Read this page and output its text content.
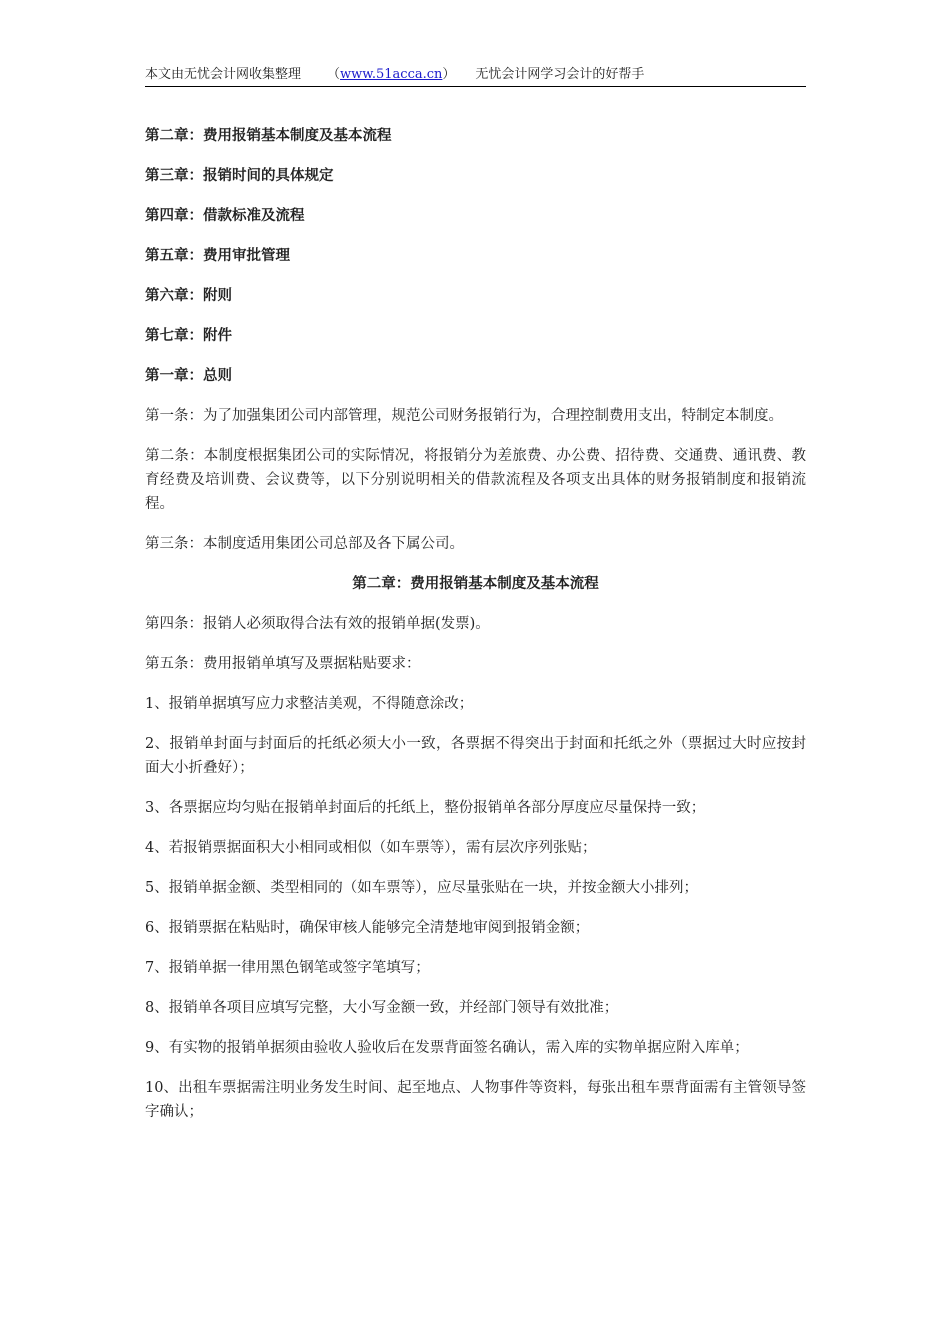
本文由无忧会计网收集整理 （www.51acca.cn） 无忧会计网学习会计的好帮手

第二章：费用报销基本制度及基本流程

第三章：报销时间的具体规定

第四章：借款标准及流程

第五章：费用审批管理

第六章：附则

第七章：附件

第一章：总则

第一条：为了加强集团公司内部管理，规范公司财务报销行为，合理控制费用支出，特制定本制度。

第二条：本制度根据集团公司的实际情况，将报销分为差旅费、办公费、招待费、交通费、通讯费、教育经费及培训费、会议费等，以下分别说明相关的借款流程及各项支出具体的财务报销制度和报销流程。

第三条：本制度适用集团公司总部及各下属公司。

第二章：费用报销基本制度及基本流程

第四条：报销人必须取得合法有效的报销单据(发票)。

第五条：费用报销单填写及票据粘贴要求：

1、报销单据填写应力求整洁美观，不得随意涂改；

2、报销单封面与封面后的托纸必须大小一致，各票据不得突出于封面和托纸之外（票据过大时应按封面大小折叠好）；

3、各票据应均匀贴在报销单封面后的托纸上，整份报销单各部分厚度应尽量保持一致；

4、若报销票据面积大小相同或相似（如车票等），需有层次序列张贴；

5、报销单据金额、类型相同的（如车票等），应尽量张贴在一块，并按金额大小排列；

6、报销票据在粘贴时，确保审核人能够完全清楚地审阅到报销金额；

7、报销单据一律用黑色钢笔或签字笔填写；

8、报销单各项目应填写完整，大小写金额一致，并经部门领导有效批准；

9、有实物的报销单据须由验收人验收后在发票背面签名确认，需入库的实物单据应附入库单；

10、出租车票据需注明业务发生时间、起至地点、人物事件等资料，每张出租车票背面需有主管领导签字确认；
